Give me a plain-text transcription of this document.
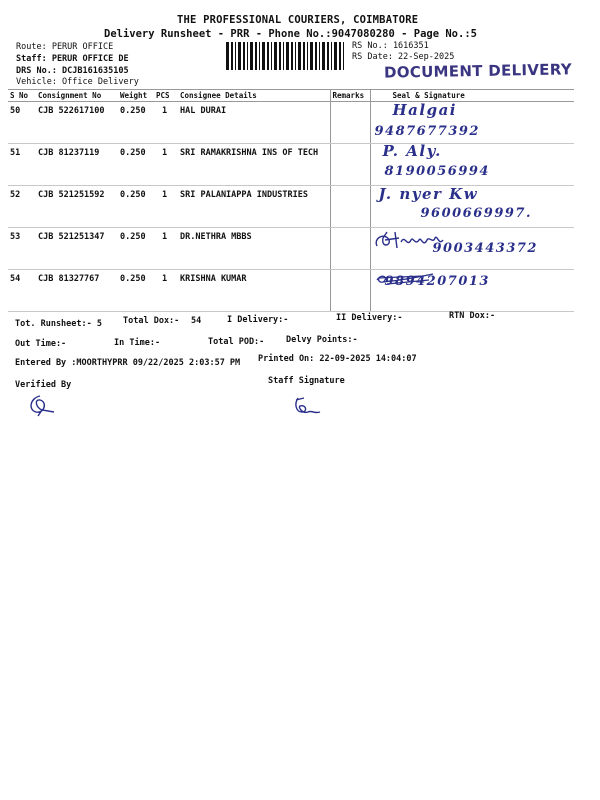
THE PROFESSIONAL COURIERS, COIMBATORE
Delivery Runsheet - PRR - Phone No.:9047080280 - Page No.:5
Route: PERUR OFFICE
Staff: PERUR OFFICE DE
DRS No.: DCJB161635105
Vehicle: Office Delivery
RS No.: 1616351
RS Date: 22-Sep-2025
DOCUMENT DELIVERY
S No	Consignment No	Weight	PCS	Consignee Details	Remarks	Seal & Signature
50	CJB 522617100	0.250	1	HAL DURAI		Halgai
9487677392

51	CJB 81237119	0.250	1	SRI RAMAKRISHNA INS OF TECH		P. Aly.
8190056994

52	CJB 521251592	0.250	1	SRI PALANIAPPA INDUSTRIES		J. nyer Kw
9600669997.

53	CJB 521251347	0.250	1	DR.NETHRA MBBS		9003443372

54	CJB 81327767	0.250	1	KRISHNA KUMAR		9894207013
Tot. Runsheet:- 5 Total Dox:- 54	I Delivery:-	II Delivery:-	RTN Dox:-
Out Time:-	In Time:-	Total POD:-	Delvy Points:-
Entered By :MOORTHYPRR 09/22/2025 2:03:57 PM Printed On: 22-09-2025 14:04:07
Verified By	Staff Signature
